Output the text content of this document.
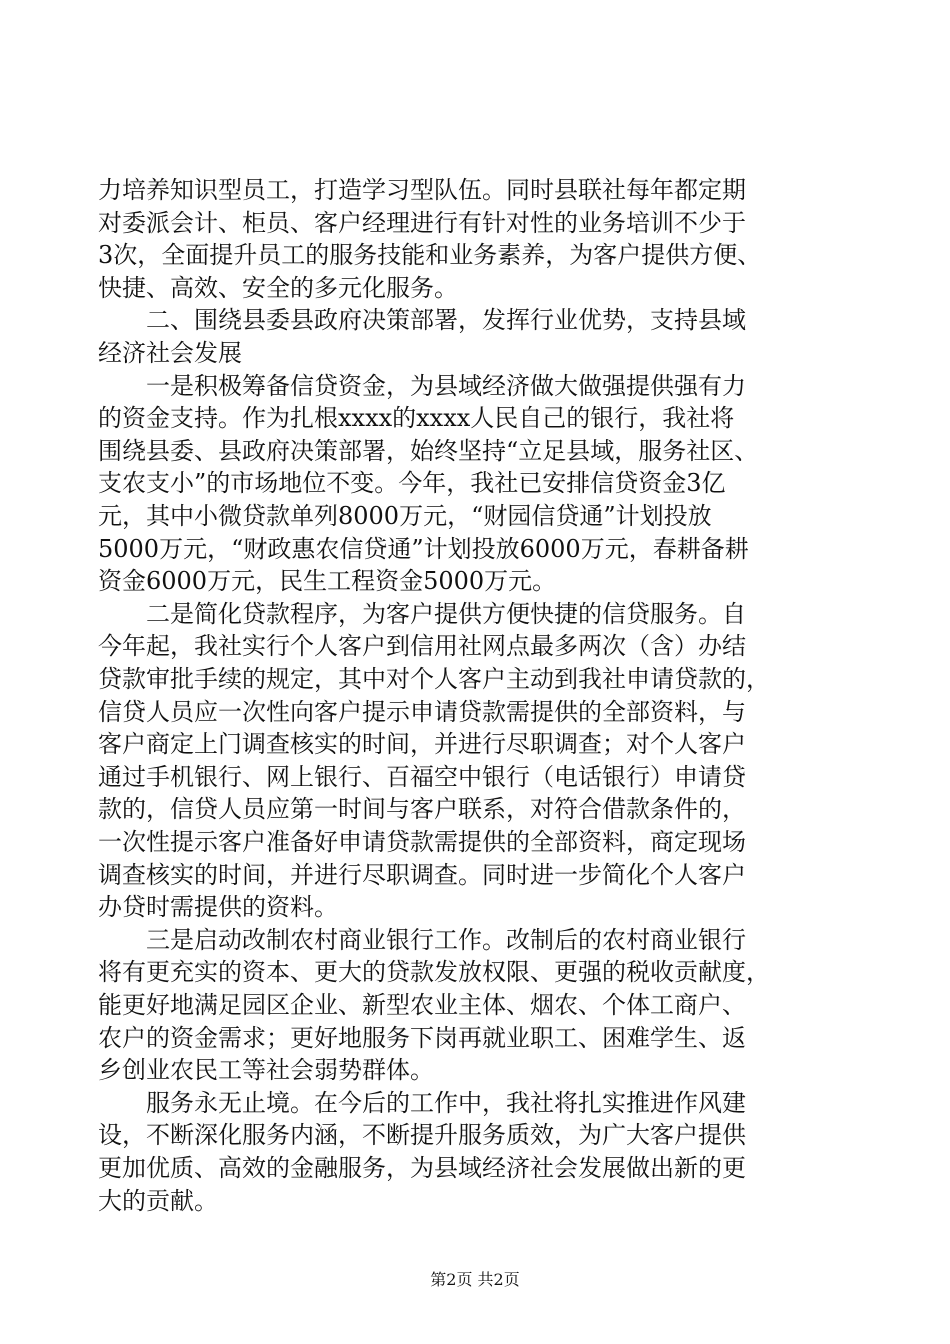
力培养知识型员工，打造学习型队伍。同时县联社每年都定期
对委派会计、柜员、客户经理进行有针对性的业务培训不少于
3次，全面提升员工的服务技能和业务素养，为客户提供方便、
快捷、高效、安全的多元化服务。
　　二、围绕县委县政府决策部署，发挥行业优势，支持县域
经济社会发展
　　一是积极筹备信贷资金，为县域经济做大做强提供强有力
的资金支持。作为扎根xxxx的xxxx人民自己的银行，我社将
围绕县委、县政府决策部署，始终坚持“立足县域，服务社区、
支农支小”的市场地位不变。今年，我社已安排信贷资金3亿
元，其中小微贷款单列8000万元，“财园信贷通”计划投放
5000万元，“财政惠农信贷通”计划投放6000万元，春耕备耕
资金6000万元，民生工程资金5000万元。
　　二是简化贷款程序，为客户提供方便快捷的信贷服务。自
今年起，我社实行个人客户到信用社网点最多两次（含）办结
贷款审批手续的规定，其中对个人客户主动到我社申请贷款的，
信贷人员应一次性向客户提示申请贷款需提供的全部资料，与
客户商定上门调查核实的时间，并进行尽职调查；对个人客户
通过手机银行、网上银行、百福空中银行（电话银行）申请贷
款的，信贷人员应第一时间与客户联系，对符合借款条件的，
一次性提示客户准备好申请贷款需提供的全部资料，商定现场
调查核实的时间，并进行尽职调查。同时进一步简化个人客户
办贷时需提供的资料。
　　三是启动改制农村商业银行工作。改制后的农村商业银行
将有更充实的资本、更大的贷款发放权限、更强的税收贡献度，
能更好地满足园区企业、新型农业主体、烟农、个体工商户、
农户的资金需求；更好地服务下岗再就业职工、困难学生、返
乡创业农民工等社会弱势群体。
　　服务永无止境。在今后的工作中，我社将扎实推进作风建
设，不断深化服务内涵，不断提升服务质效，为广大客户提供
更加优质、高效的金融服务，为县域经济社会发展做出新的更
大的贡献。
第2页 共2页
